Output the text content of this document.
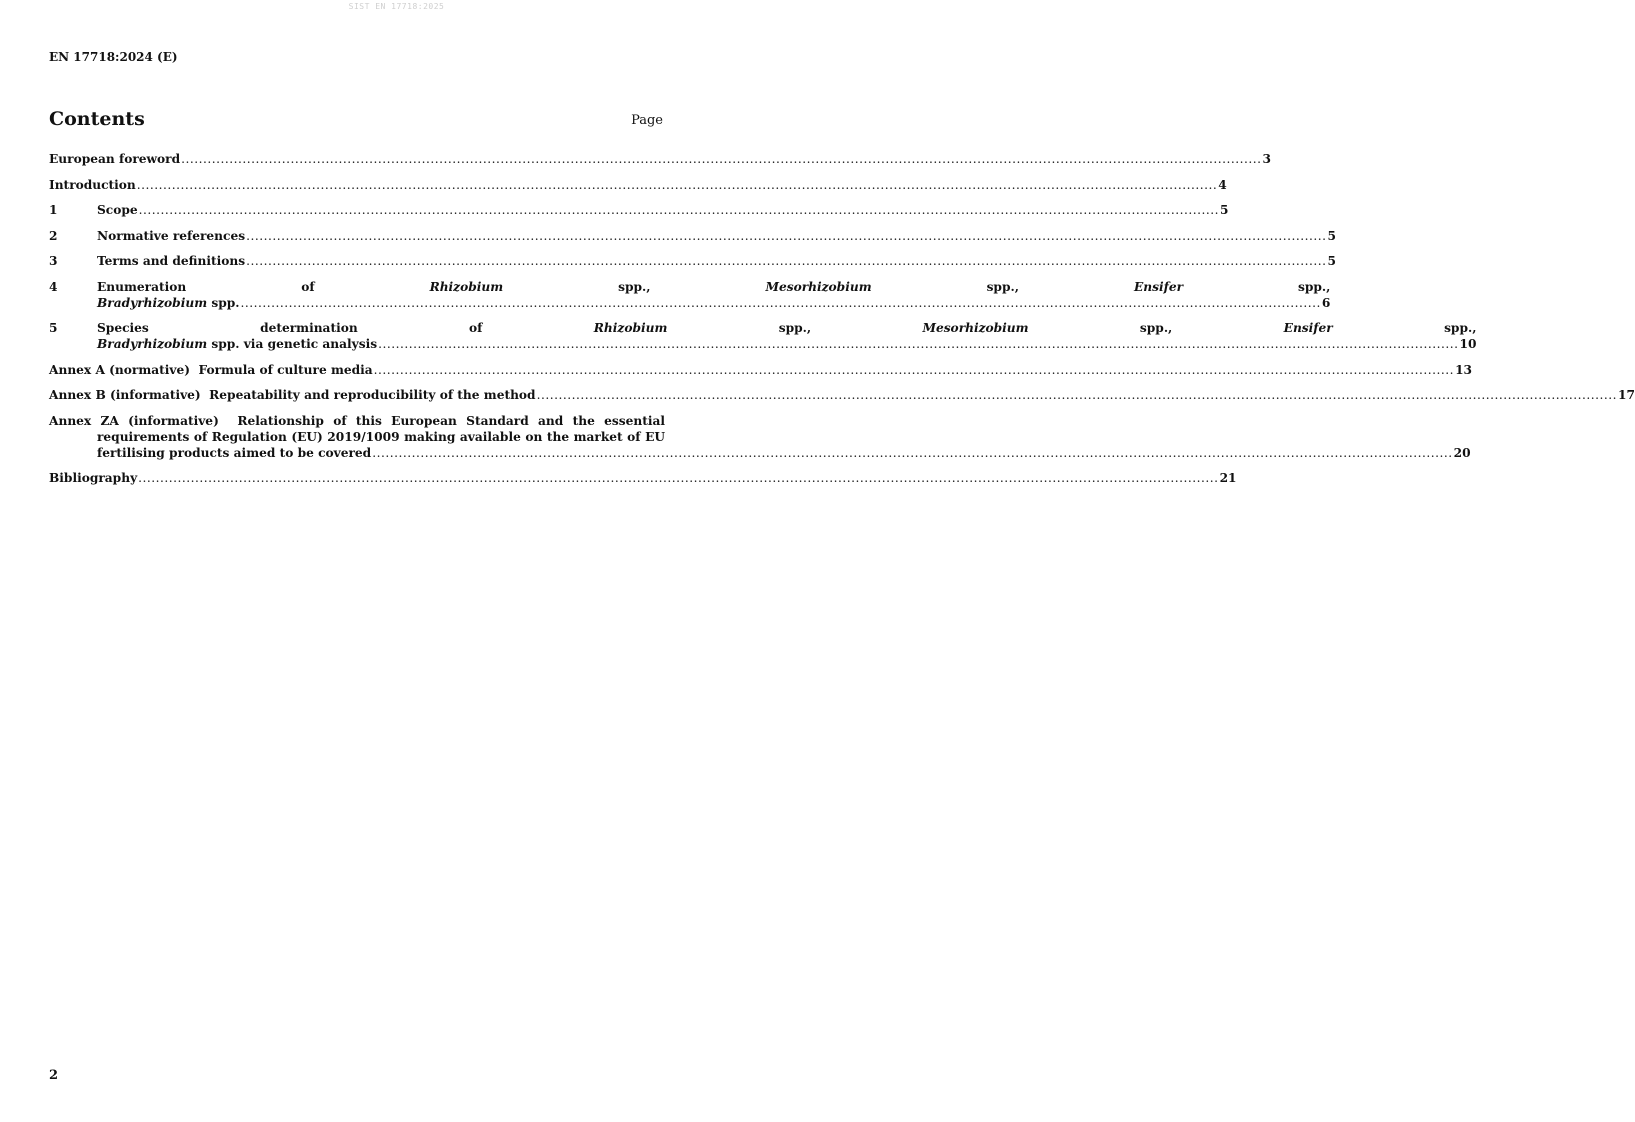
SIST EN 17718:2025
EN 17718:2024 (E)
Contents	Page
European foreword .....	3
Introduction .....	4
1	Scope .....	5
2	Normative references .....	5
3	Terms and definitions .....	5
4	Enumeration of Rhizobium spp., Mesorhizobium spp., Ensifer spp.,
Bradyrhizobium spp. .....	6
5	Species determination of Rhizobium spp., Mesorhizobium spp., Ensifer spp.,
Bradyrhizobium spp. via genetic analysis .....	10
Annex A (normative)  Formula of culture media .....	13
Annex B (informative)  Repeatability and reproducibility of the method .....	17
Annex ZA (informative)  Relationship of this European Standard and the essential
requirements of Regulation (EU) 2019/1009 making available on the market of EU
fertilising products aimed to be covered .....	20
Bibliography .....	21
2
